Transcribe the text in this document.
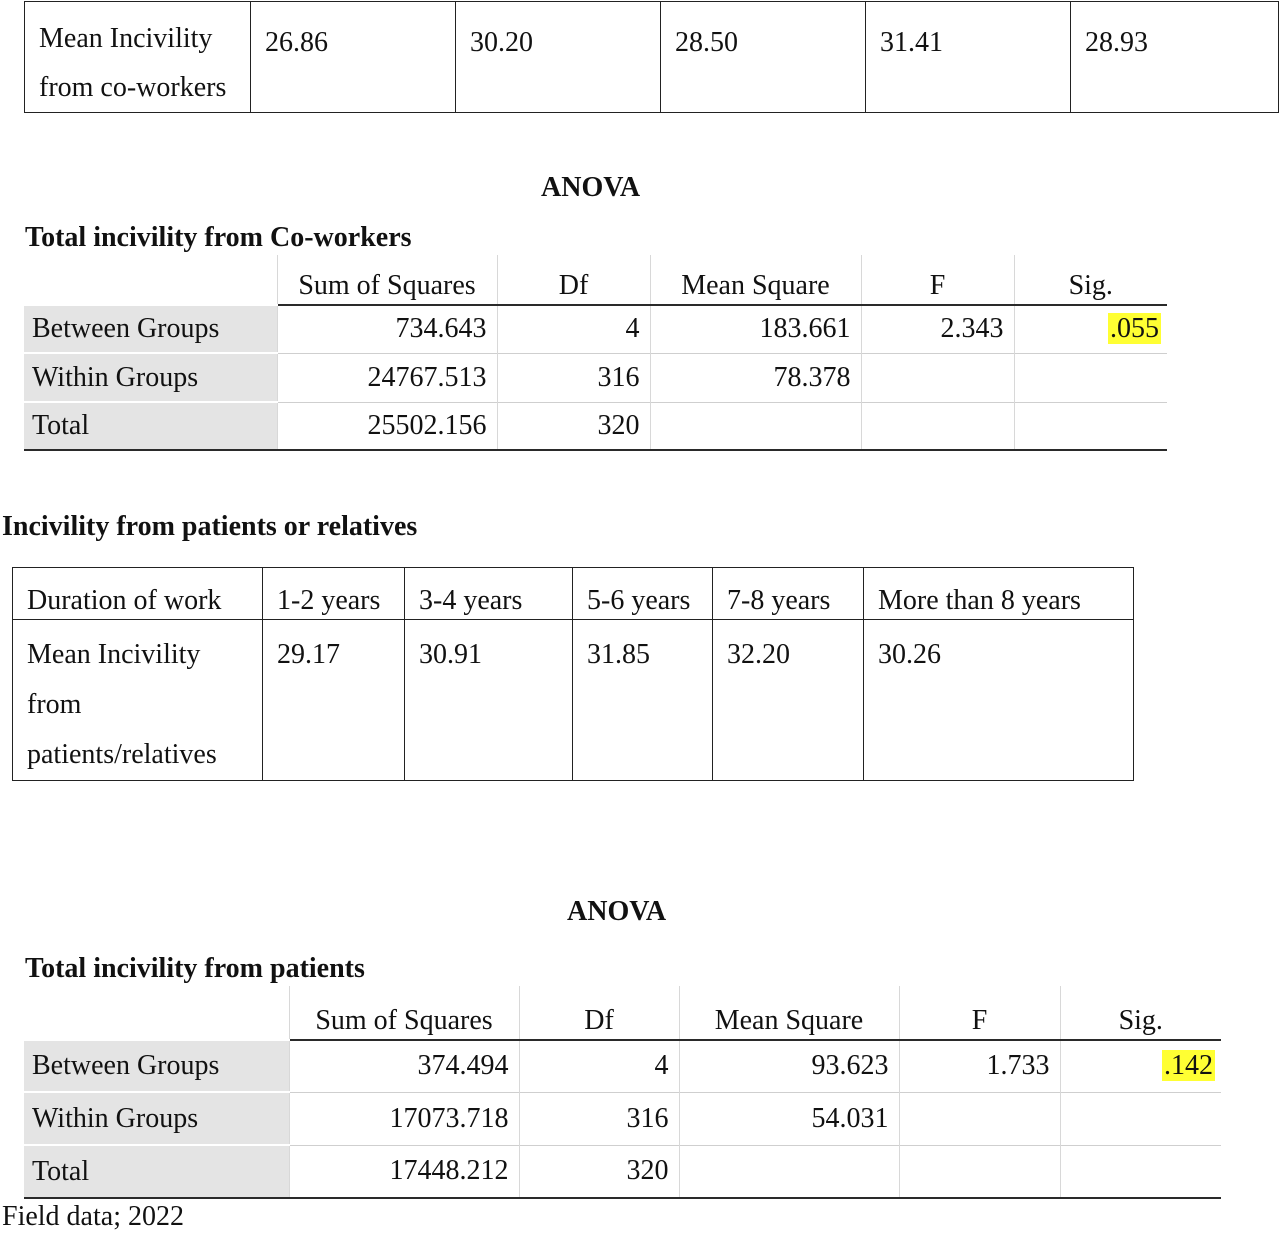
Mean Incivility from co-workers	26.86	30.20	28.50	31.41	28.93
ANOVA
Total incivility from Co-workers
	Sum of Squares	Df	Mean Square	F	Sig.
Between Groups	734.643	4	183.661	2.343	.055
Within Groups	24767.513	316	78.378		
Total	25502.156	320			
Incivility from patients or relatives
Duration of work	1-2 years	3-4 years	5-6 years	7-8 years	More than 8 years
Mean Incivility from patients/relatives	29.17	30.91	31.85	32.20	30.26
ANOVA
Total incivility from patients
	Sum of Squares	Df	Mean Square	F	Sig.
Between Groups	374.494	4	93.623	1.733	.142
Within Groups	17073.718	316	54.031		
Total	17448.212	320			
Field data; 2022
